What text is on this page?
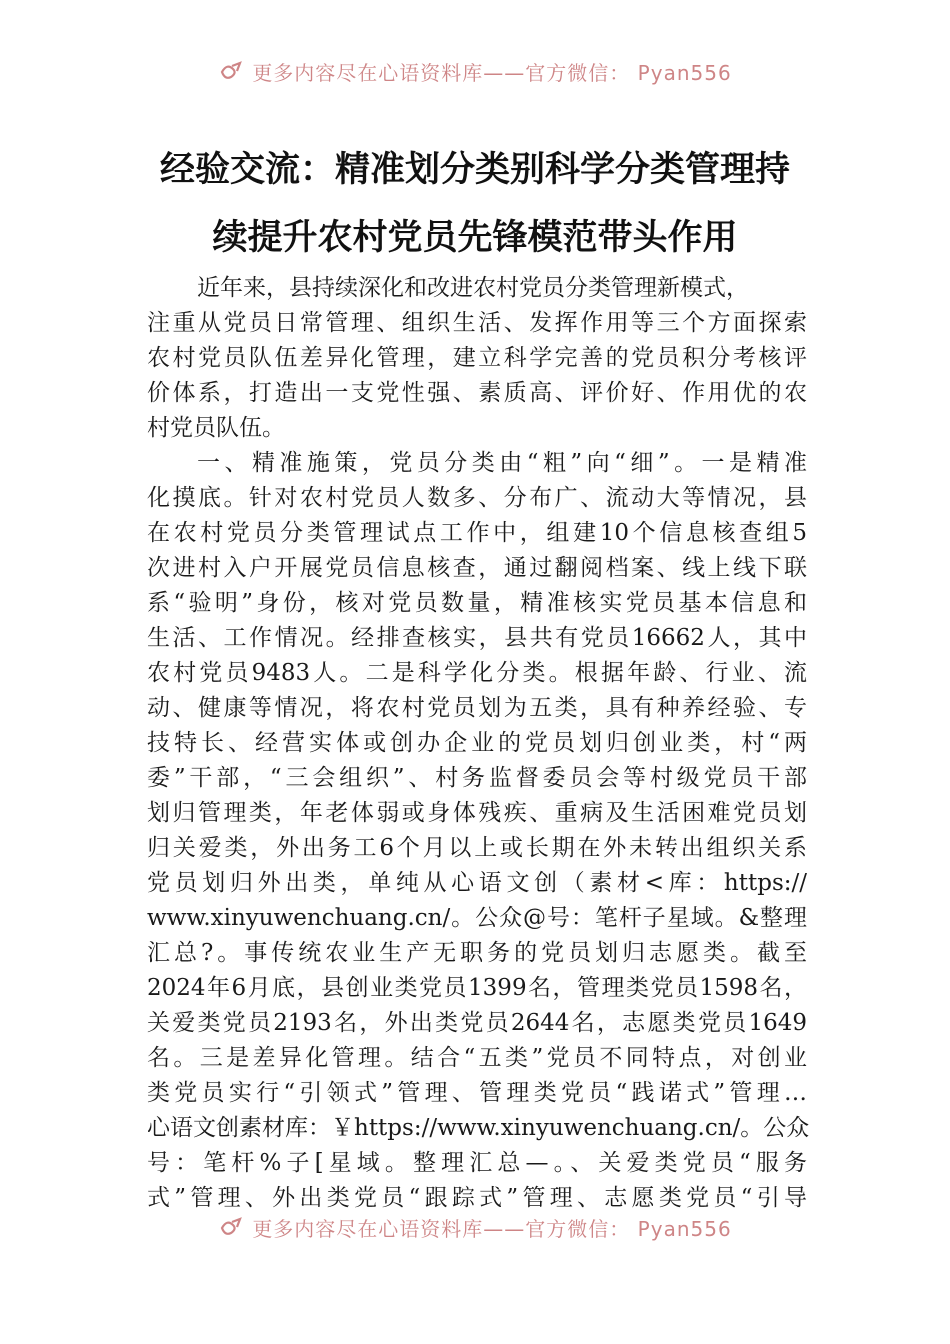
更多内容尽在心语资料库——官方微信： Pyan556
经验交流：精准划分类别科学分类管理持
续提升农村党员先锋模范带头作用
近年来，县持续深化和改进农村党员分类管理新模式，
注重从党员日常管理、组织生活、发挥作用等三个方面探索
农村党员队伍差异化管理，建立科学完善的党员积分考核评
价体系，打造出一支党性强、素质高、评价好、作用优的农
村党员队伍。
一、精准施策，党员分类由“粗”向“细”。一是精准
化摸底。针对农村党员人数多、分布广、流动大等情况，县
在农村党员分类管理试点工作中，组建10个信息核查组5
次进村入户开展党员信息核查，通过翻阅档案、线上线下联
系“验明”身份，核对党员数量，精准核实党员基本信息和
生活、工作情况。经排查核实，县共有党员16662人，其中
农村党员9483人。二是科学化分类。根据年龄、行业、流
动、健康等情况，将农村党员划为五类，具有种养经验、专
技特长、经营实体或创办企业的党员划归创业类，村“两
委”干部，“三会组织”、村务监督委员会等村级党员干部
划归管理类，年老体弱或身体残疾、重病及生活困难党员划
归关爱类，外出务工6个月以上或长期在外未转出组织关系
党员划归外出类，单纯从心语文创（素材<库：https://
www.xinyuwenchuang.cn/。公众@号：笔杆子星域。&整理
汇总?。事传统农业生产无职务的党员划归志愿类。截至
2024年6月底，县创业类党员1399名，管理类党员1598名，
关爱类党员2193名，外出类党员2644名，志愿类党员1649
名。三是差异化管理。结合“五类”党员不同特点，对创业
类党员实行“引领式”管理、管理类党员“践诺式”管理…
心语文创素材库：￥https://www.xinyuwenchuang.cn/。公众
号：笔杆%子[星域。整理汇总—。、关爱类党员“服务
式”管理、外出类党员“跟踪式”管理、志愿类党员“引导
更多内容尽在心语资料库——官方微信： Pyan556
